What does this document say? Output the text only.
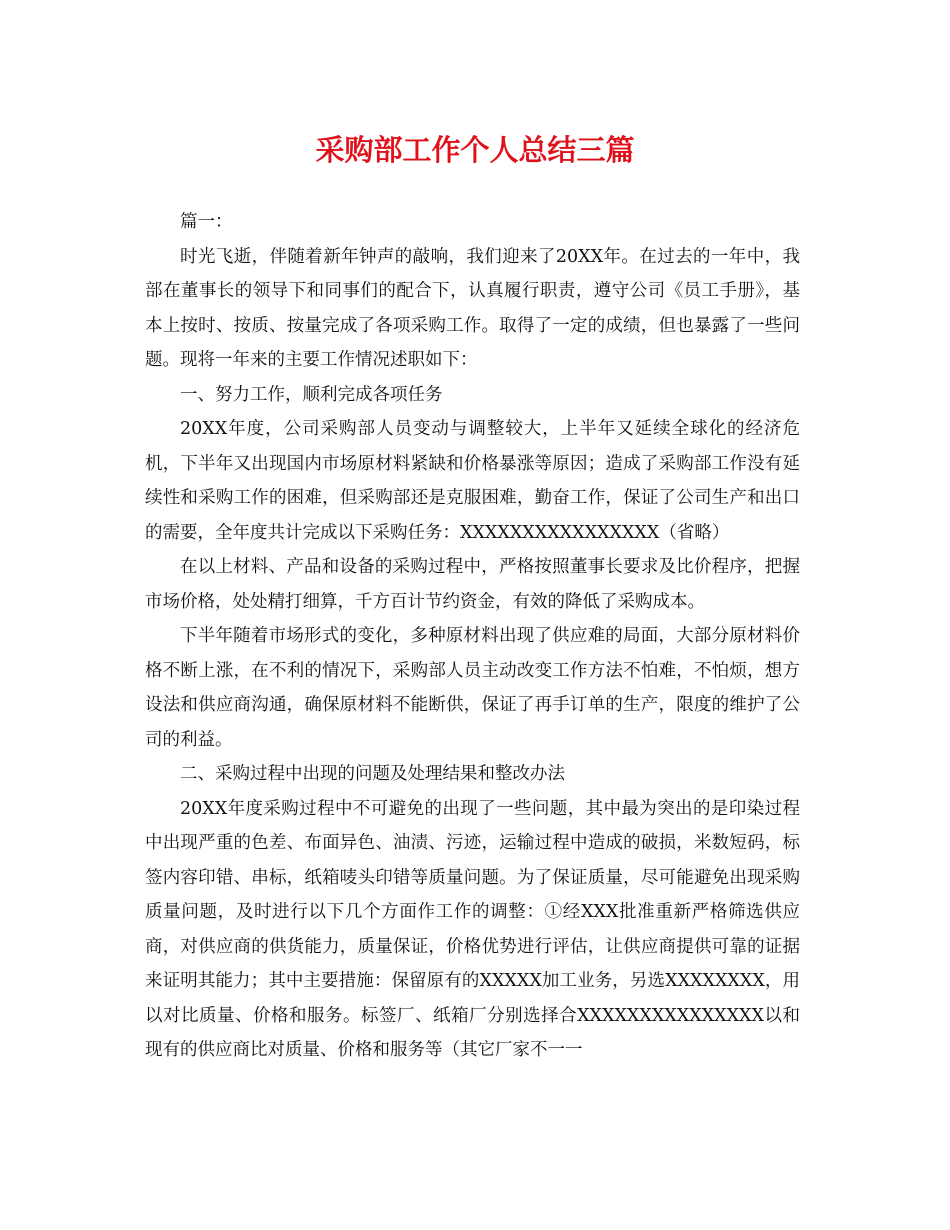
采购部工作个人总结三篇

篇一：

时光飞逝，伴随着新年钟声的敲响，我们迎来了20XX年。在过去的一年中，我部在董事长的领导下和同事们的配合下，认真履行职责，遵守公司《员工手册》，基本上按时、按质、按量完成了各项采购工作。取得了一定的成绩，但也暴露了一些问题。现将一年来的主要工作情况述职如下：

一、努力工作，顺利完成各项任务

20XX年度，公司采购部人员变动与调整较大，上半年又延续全球化的经济危机，下半年又出现国内市场原材料紧缺和价格暴涨等原因；造成了采购部工作没有延续性和采购工作的困难，但采购部还是克服困难，勤奋工作，保证了公司生产和出口的需要，全年度共计完成以下采购任务：XXXXXXXXXXXXXXXX（省略）

在以上材料、产品和设备的采购过程中，严格按照董事长要求及比价程序，把握市场价格，处处精打细算，千方百计节约资金，有效的降低了采购成本。

下半年随着市场形式的变化，多种原材料出现了供应难的局面，大部分原材料价格不断上涨，在不利的情况下，采购部人员主动改变工作方法不怕难，不怕烦，想方设法和供应商沟通，确保原材料不能断供，保证了再手订单的生产，限度的维护了公司的利益。

二、采购过程中出现的问题及处理结果和整改办法

20XX年度采购过程中不可避免的出现了一些问题，其中最为突出的是印染过程中出现严重的色差、布面异色、油渍、污迹，运输过程中造成的破损，米数短码，标签内容印错、串标，纸箱唛头印错等质量问题。为了保证质量，尽可能避免出现采购质量问题，及时进行以下几个方面作工作的调整：①经XXX批准重新严格筛选供应商，对供应商的供货能力，质量保证，价格优势进行评估，让供应商提供可靠的证据来证明其能力；其中主要措施：保留原有的XXXXX加工业务，另选XXXXXXXX，用以对比质量、价格和服务。标签厂、纸箱厂分别选择合XXXXXXXXXXXXXXX以和现有的供应商比对质量、价格和服务等（其它厂家不一一
